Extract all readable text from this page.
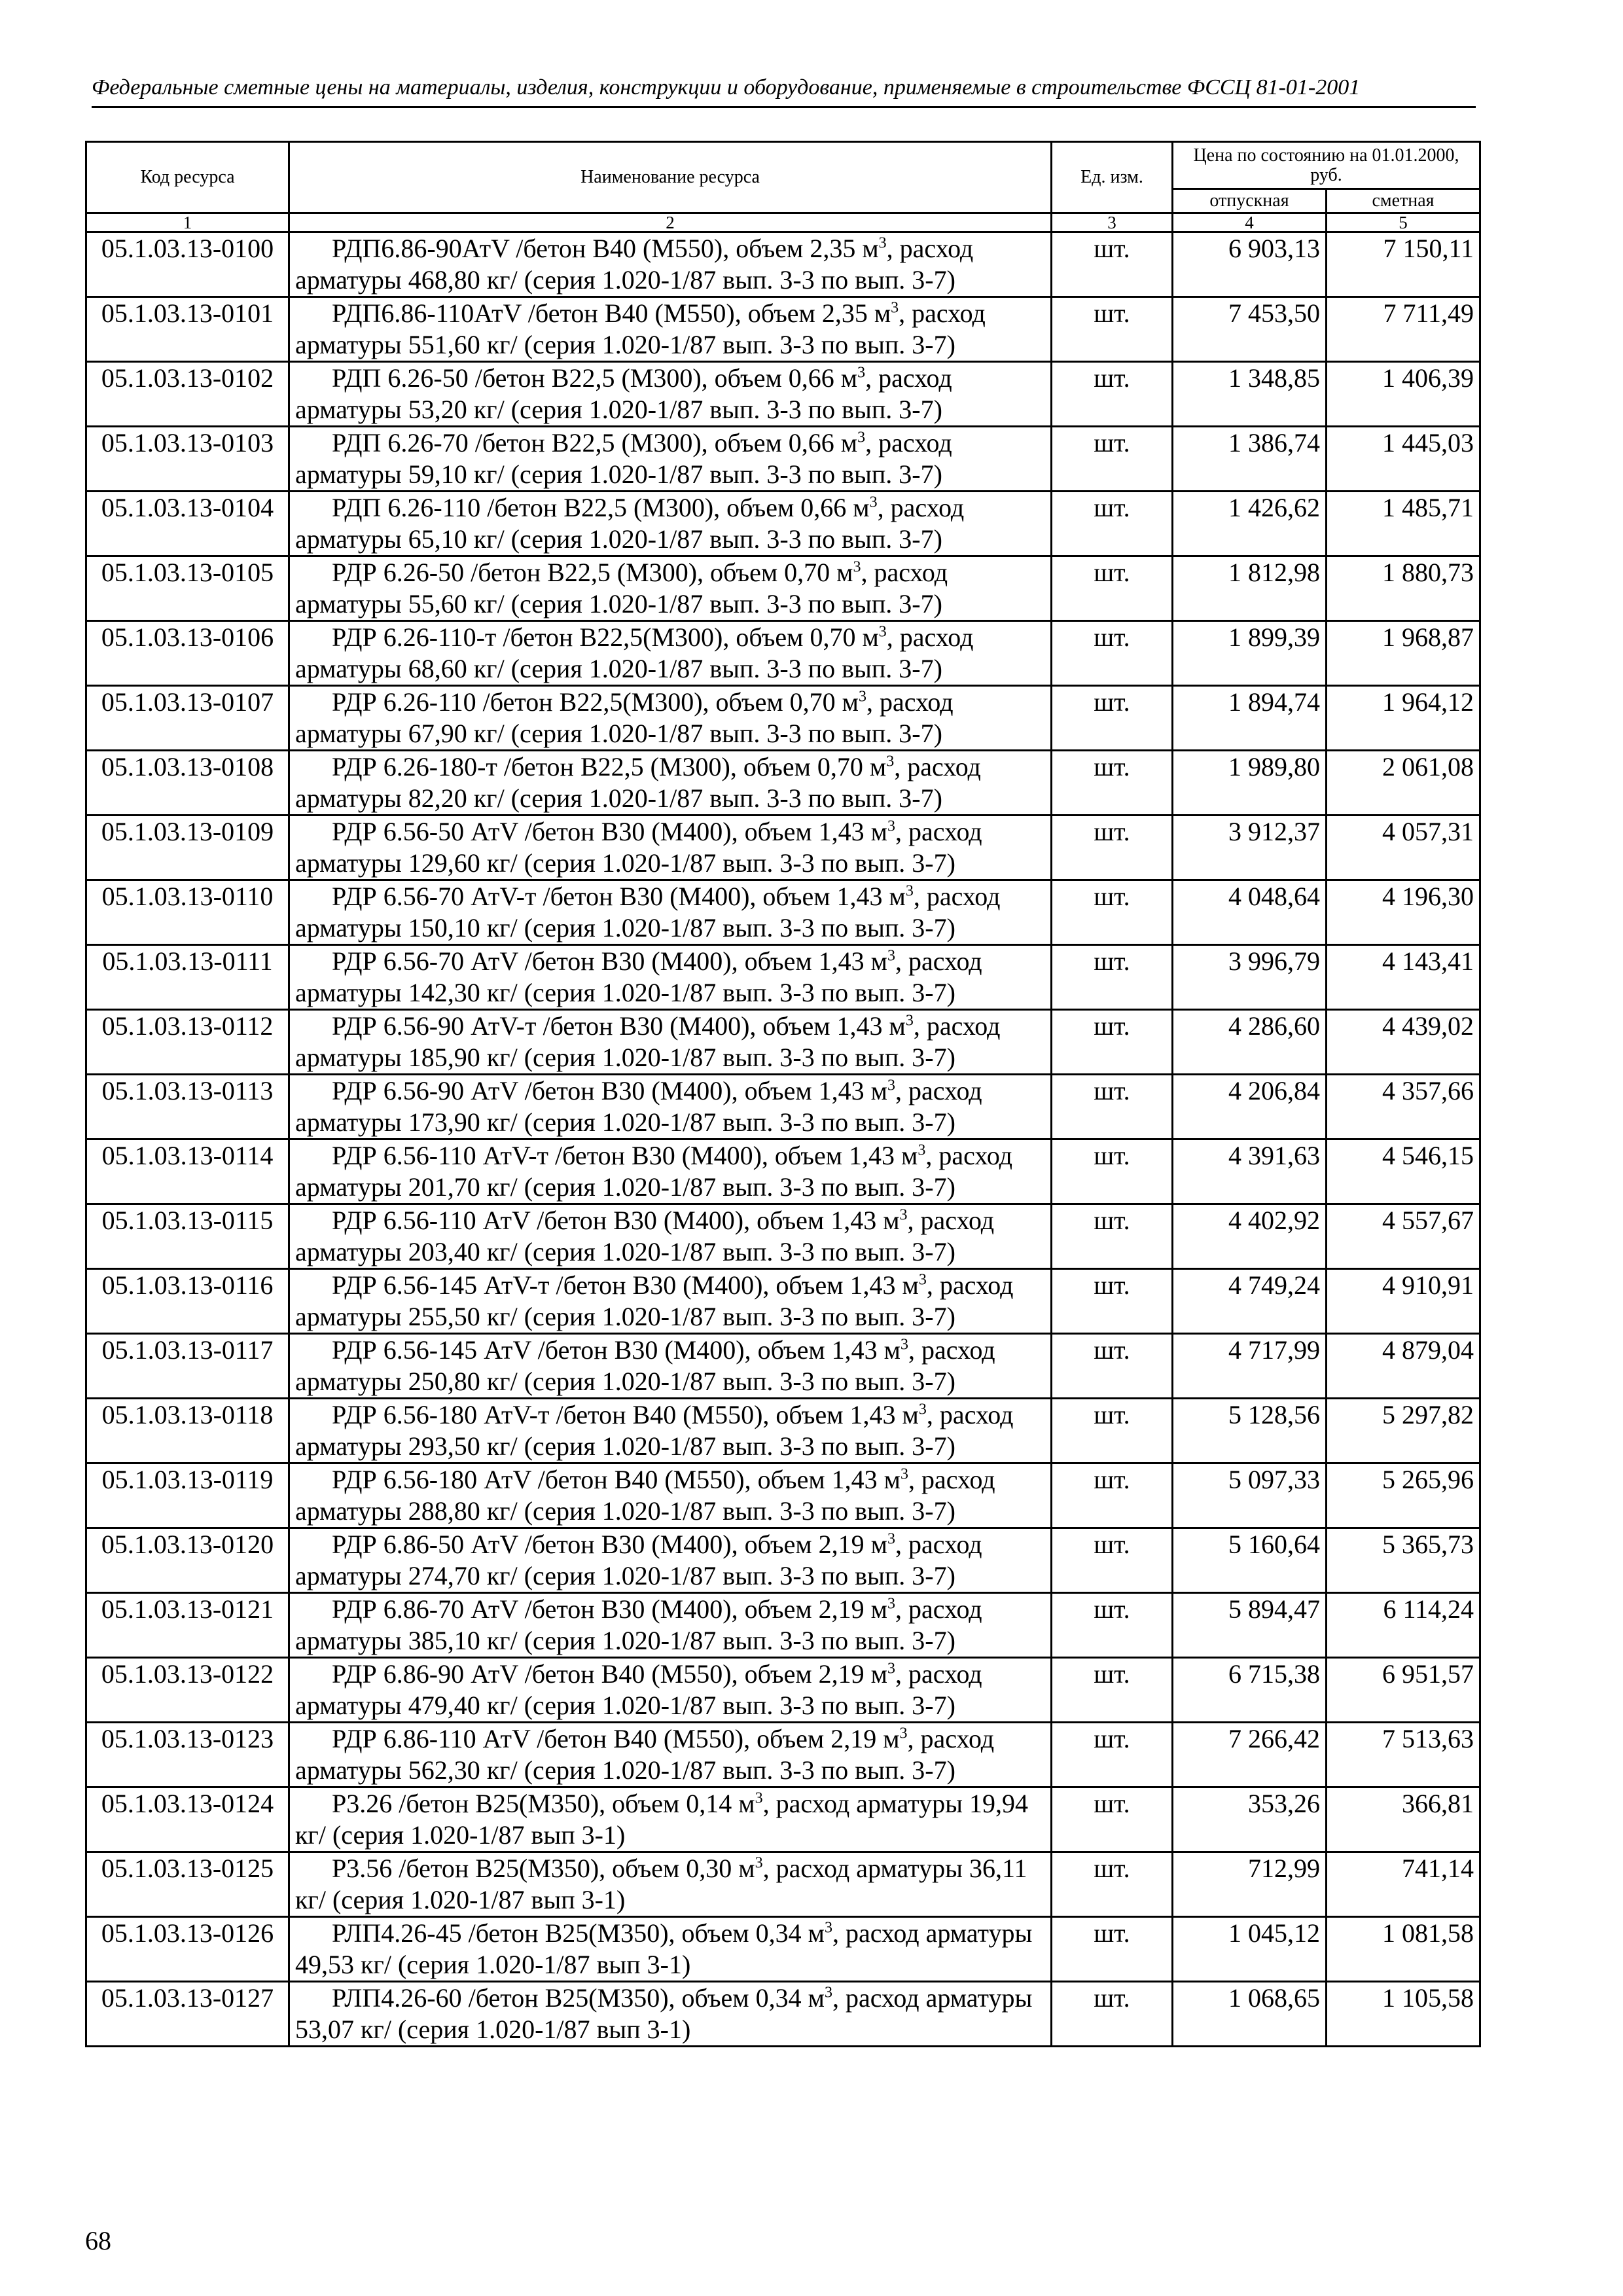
Федеральные сметные цены на материалы, изделия, конструкции и оборудование, применяемые в строительстве ФССЦ 81-01-2001
Код ресурса	Наименование ресурса	Ед. изм.	Цена по состоянию на 01.01.2000, руб.	
			отпускная	сметная
1	2	3	4	5
05.1.03.13-0100	РДП6.86-90АтV /бетон В40 (М550), объем 2,35 $м^3$, расход арматуры 468,80 кг/ (серия 1.020-1/87 вып. 3-3 по вып. 3-7)	шт.	6 903,13	7 150,11
05.1.03.13-0101	РДП6.86-110АтV /бетон В40 (М550), объем 2,35 $м^3$, расход арматуры 551,60 кг/ (серия 1.020-1/87 вып. 3-3 по вып. 3-7)	шт.	7 453,50	7 711,49
05.1.03.13-0102	РДП 6.26-50 /бетон В22,5 (М300), объем 0,66 $м^3$, расход арматуры 53,20 кг/ (серия 1.020-1/87 вып. 3-3 по вып. 3-7)	шт.	1 348,85	1 406,39
05.1.03.13-0103	РДП 6.26-70 /бетон В22,5 (М300), объем 0,66 $м^3$, расход арматуры 59,10 кг/ (серия 1.020-1/87 вып. 3-3 по вып. 3-7)	шт.	1 386,74	1 445,03
05.1.03.13-0104	РДП 6.26-110 /бетон В22,5 (М300), объем 0,66 $м^3$, расход арматуры 65,10 кг/ (серия 1.020-1/87 вып. 3-3 по вып. 3-7)	шт.	1 426,62	1 485,71
05.1.03.13-0105	РДР 6.26-50 /бетон В22,5 (М300), объем 0,70 $м^3$, расход арматуры 55,60 кг/ (серия 1.020-1/87 вып. 3-3 по вып. 3-7)	шт.	1 812,98	1 880,73
05.1.03.13-0106	РДР 6.26-110-т /бетон В22,5(М300), объем 0,70 $м^3$, расход арматуры 68,60 кг/ (серия 1.020-1/87 вып. 3-3 по вып. 3-7)	шт.	1 899,39	1 968,87
05.1.03.13-0107	РДР 6.26-110 /бетон В22,5(М300), объем 0,70 $м^3$, расход арматуры 67,90 кг/ (серия 1.020-1/87 вып. 3-3 по вып. 3-7)	шт.	1 894,74	1 964,12
05.1.03.13-0108	РДР 6.26-180-т /бетон В22,5 (М300), объем 0,70 $м^3$, расход арматуры 82,20 кг/ (серия 1.020-1/87 вып. 3-3 по вып. 3-7)	шт.	1 989,80	2 061,08
05.1.03.13-0109	РДР 6.56-50 АтV /бетон В30 (М400), объем 1,43 $м^3$, расход арматуры 129,60 кг/ (серия 1.020-1/87 вып. 3-3 по вып. 3-7)	шт.	3 912,37	4 057,31
05.1.03.13-0110	РДР 6.56-70 АтV-т /бетон В30 (М400), объем 1,43 $м^3$, расход арматуры 150,10 кг/ (серия 1.020-1/87 вып. 3-3 по вып. 3-7)	шт.	4 048,64	4 196,30
05.1.03.13-0111	РДР 6.56-70 АтV /бетон В30 (М400), объем 1,43 $м^3$, расход арматуры 142,30 кг/ (серия 1.020-1/87 вып. 3-3 по вып. 3-7)	шт.	3 996,79	4 143,41
05.1.03.13-0112	РДР 6.56-90 АтV-т /бетон В30 (М400), объем 1,43 $м^3$, расход арматуры 185,90 кг/ (серия 1.020-1/87 вып. 3-3 по вып. 3-7)	шт.	4 286,60	4 439,02
05.1.03.13-0113	РДР 6.56-90 АтV /бетон В30 (М400), объем 1,43 $м^3$, расход арматуры 173,90 кг/ (серия 1.020-1/87 вып. 3-3 по вып. 3-7)	шт.	4 206,84	4 357,66
05.1.03.13-0114	РДР 6.56-110 АтV-т /бетон В30 (М400), объем 1,43 $м^3$, расход арматуры 201,70 кг/ (серия 1.020-1/87 вып. 3-3 по вып. 3-7)	шт.	4 391,63	4 546,15
05.1.03.13-0115	РДР 6.56-110 АтV /бетон В30 (М400), объем 1,43 $м^3$, расход арматуры 203,40 кг/ (серия 1.020-1/87 вып. 3-3 по вып. 3-7)	шт.	4 402,92	4 557,67
05.1.03.13-0116	РДР 6.56-145 АтV-т /бетон В30 (М400), объем 1,43 $м^3$, расход арматуры 255,50 кг/ (серия 1.020-1/87 вып. 3-3 по вып. 3-7)	шт.	4 749,24	4 910,91
05.1.03.13-0117	РДР 6.56-145 АтV /бетон В30 (М400), объем 1,43 $м^3$, расход арматуры 250,80 кг/ (серия 1.020-1/87 вып. 3-3 по вып. 3-7)	шт.	4 717,99	4 879,04
05.1.03.13-0118	РДР 6.56-180 АтV-т /бетон В40 (М550), объем 1,43 $м^3$, расход арматуры 293,50 кг/ (серия 1.020-1/87 вып. 3-3 по вып. 3-7)	шт.	5 128,56	5 297,82
05.1.03.13-0119	РДР 6.56-180 АтV /бетон В40 (М550), объем 1,43 $м^3$, расход арматуры 288,80 кг/ (серия 1.020-1/87 вып. 3-3 по вып. 3-7)	шт.	5 097,33	5 265,96
05.1.03.13-0120	РДР 6.86-50 АтV /бетон В30 (М400), объем 2,19 $м^3$, расход арматуры 274,70 кг/ (серия 1.020-1/87 вып. 3-3 по вып. 3-7)	шт.	5 160,64	5 365,73
05.1.03.13-0121	РДР 6.86-70 АтV /бетон В30 (М400), объем 2,19 $м^3$, расход арматуры 385,10 кг/ (серия 1.020-1/87 вып. 3-3 по вып. 3-7)	шт.	5 894,47	6 114,24
05.1.03.13-0122	РДР 6.86-90 АтV /бетон В40 (М550), объем 2,19 $м^3$, расход арматуры 479,40 кг/ (серия 1.020-1/87 вып. 3-3 по вып. 3-7)	шт.	6 715,38	6 951,57
05.1.03.13-0123	РДР 6.86-110 АтV /бетон В40 (М550), объем 2,19 $м^3$, расход арматуры 562,30 кг/ (серия 1.020-1/87 вып. 3-3 по вып. 3-7)	шт.	7 266,42	7 513,63
05.1.03.13-0124	Р3.26 /бетон В25(М350), объем 0,14 $м^3$, расход арматуры 19,94 кг/ (серия 1.020-1/87 вып 3-1)	шт.	353,26	366,81
05.1.03.13-0125	Р3.56 /бетон В25(М350), объем 0,30 $м^3$, расход арматуры 36,11 кг/ (серия 1.020-1/87 вып 3-1)	шт.	712,99	741,14
05.1.03.13-0126	РЛП4.26-45 /бетон В25(М350), объем 0,34 $м^3$, расход арматуры 49,53 кг/ (серия 1.020-1/87 вып 3-1)	шт.	1 045,12	1 081,58
05.1.03.13-0127	РЛП4.26-60 /бетон В25(М350), объем 0,34 $м^3$, расход арматуры 53,07 кг/ (серия 1.020-1/87 вып 3-1)	шт.	1 068,65	1 105,58
68
